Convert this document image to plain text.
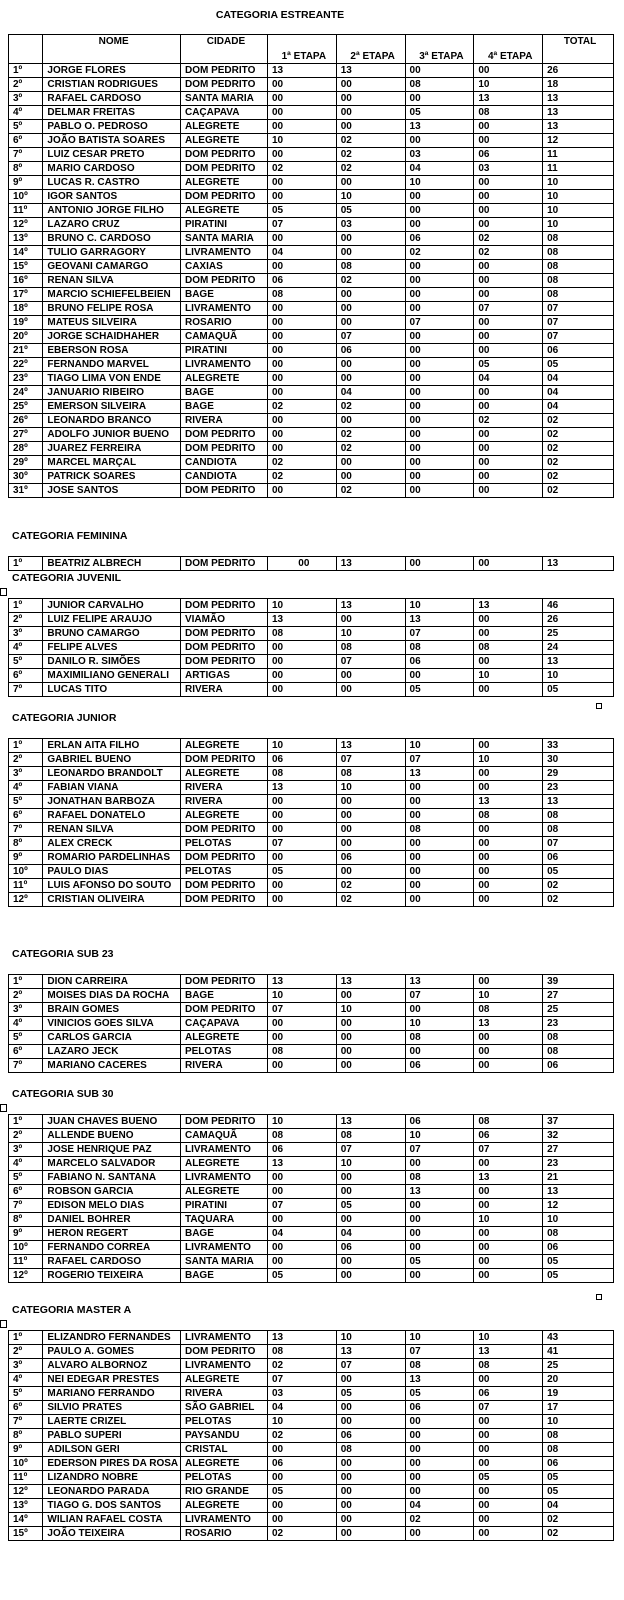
CATEGORIA ESTREANTE
	NOME	CIDADE	1ª ETAPA	2ª ETAPA	3ª ETAPA	4ª ETAPA	TOTAL
1º	JORGE FLORES	DOM PEDRITO	13	13	00	00	26
2º	CRISTIAN RODRIGUES	DOM PEDRITO	00	00	08	10	18
3º	RAFAEL CARDOSO	SANTA MARIA	00	00	00	13	13
4º	DELMAR FREITAS	CAÇAPAVA	00	00	05	08	13
5º	PABLO O. PEDROSO	ALEGRETE	00	00	13	00	13
6º	JOÃO BATISTA SOARES	ALEGRETE	10	02	00	00	12
7º	LUIZ CESAR PRETO	DOM PEDRITO	00	02	03	06	11
8º	MARIO CARDOSO	DOM PEDRITO	02	02	04	03	11
9º	LUCAS R. CASTRO	ALEGRETE	00	00	10	00	10
10º	IGOR SANTOS	DOM PEDRITO	00	10	00	00	10
11º	ANTONIO JORGE FILHO	ALEGRETE	05	05	00	00	10
12º	LAZARO CRUZ	PIRATINI	07	03	00	00	10
13º	BRUNO C. CARDOSO	SANTA MARIA	00	00	06	02	08
14º	TULIO GARRAGORY	LIVRAMENTO	04	00	02	02	08
15º	GEOVANI CAMARGO	CAXIAS	00	08	00	00	08
16º	RENAN SILVA	DOM PEDRITO	06	02	00	00	08
17º	MARCIO SCHIEFELBEIEN	BAGE	08	00	00	00	08
18º	BRUNO FELIPE ROSA	LIVRAMENTO	00	00	00	07	07
19º	MATEUS SILVEIRA	ROSARIO	00	00	07	00	07
20º	JORGE SCHAIDHAHER	CAMAQUÃ	00	07	00	00	07
21º	EBERSON ROSA	PIRATINI	00	06	00	00	06
22º	FERNANDO MARVEL	LIVRAMENTO	00	00	00	05	05
23º	TIAGO LIMA VON ENDE	ALEGRETE	00	00	00	04	04
24º	JANUARIO RIBEIRO	BAGE	00	04	00	00	04
25º	EMERSON SILVEIRA	BAGE	02	02	00	00	04
26º	LEONARDO BRANCO	RIVERA	00	00	00	02	02
27º	ADOLFO JUNIOR BUENO	DOM PEDRITO	00	02	00	00	02
28º	JUAREZ FERREIRA	DOM PEDRITO	00	02	00	00	02
29º	MARCEL MARÇAL	CANDIOTA	02	00	00	00	02
30º	PATRICK SOARES	CANDIOTA	02	00	00	00	02
31º	JOSE SANTOS	DOM PEDRITO	00	02	00	00	02
CATEGORIA FEMININA
1º	BEATRIZ ALBRECH	DOM PEDRITO	00	13	00	00	13
CATEGORIA JUVENIL
1º	JUNIOR CARVALHO	DOM PEDRITO	10	13	10	13	46
2º	LUIZ FELIPE ARAUJO	VIAMÃO	13	00	13	00	26
3º	BRUNO CAMARGO	DOM PEDRITO	08	10	07	00	25
4º	FELIPE ALVES	DOM PEDRITO	00	08	08	08	24
5º	DANILO R. SIMÕES	DOM PEDRITO	00	07	06	00	13
6º	MAXIMILIANO GENERALI	ARTIGAS	00	00	00	10	10
7º	LUCAS TITO	RIVERA	00	00	05	00	05
CATEGORIA JUNIOR
1º	ERLAN AITA FILHO	ALEGRETE	10	13	10	00	33
2º	GABRIEL BUENO	DOM PEDRITO	06	07	07	10	30
3º	LEONARDO BRANDOLT	ALEGRETE	08	08	13	00	29
4º	FABIAN VIANA	RIVERA	13	10	00	00	23
5º	JONATHAN BARBOZA	RIVERA	00	00	00	13	13
6º	RAFAEL DONATELO	ALEGRETE	00	00	00	08	08
7º	RENAN SILVA	DOM PEDRITO	00	00	08	00	08
8º	ALEX CRECK	PELOTAS	07	00	00	00	07
9º	ROMARIO PARDELINHAS	DOM PEDRITO	00	06	00	00	06
10º	PAULO DIAS	PELOTAS	05	00	00	00	05
11º	LUIS AFONSO DO SOUTO	DOM PEDRITO	00	02	00	00	02
12º	CRISTIAN OLIVEIRA	DOM PEDRITO	00	02	00	00	02
CATEGORIA SUB 23
1º	DION CARREIRA	DOM PEDRITO	13	13	13	00	39
2º	MOISES DIAS DA ROCHA	BAGE	10	00	07	10	27
3º	BRAIN GOMES	DOM PEDRITO	07	10	00	08	25
4º	VINICIOS GOES SILVA	CAÇAPAVA	00	00	10	13	23
5º	CARLOS GARCIA	ALEGRETE	00	00	08	00	08
6º	LAZARO JECK	PELOTAS	08	00	00	00	08
7º	MARIANO CACERES	RIVERA	00	00	06	00	06
CATEGORIA SUB 30
1º	JUAN CHAVES BUENO	DOM PEDRITO	10	13	06	08	37
2º	ALLENDE BUENO	CAMAQUÃ	08	08	10	06	32
3º	JOSE HENRIQUE PAZ	LIVRAMENTO	06	07	07	07	27
4º	MARCELO SALVADOR	ALEGRETE	13	10	00	00	23
5º	FABIANO N. SANTANA	LIVRAMENTO	00	00	08	13	21
6º	ROBSON GARCIA	ALEGRETE	00	00	13	00	13
7º	EDISON MELO DIAS	PIRATINI	07	05	00	00	12
8º	DANIEL BOHRER	TAQUARA	00	00	00	10	10
9º	HERON REGERT	BAGE	04	04	00	00	08
10º	FERNANDO CORREA	LIVRAMENTO	00	06	00	00	06
11º	RAFAEL CARDOSO	SANTA MARIA	00	00	05	00	05
12º	ROGERIO TEIXEIRA	BAGE	05	00	00	00	05
CATEGORIA MASTER A
1º	ELIZANDRO FERNANDES	LIVRAMENTO	13	10	10	10	43
2º	PAULO A. GOMES	DOM PEDRITO	08	13	07	13	41
3º	ALVARO ALBORNOZ	LIVRAMENTO	02	07	08	08	25
4º	NEI EDEGAR PRESTES	ALEGRETE	07	00	13	00	20
5º	MARIANO FERRANDO	RIVERA	03	05	05	06	19
6º	SILVIO PRATES	SÃO GABRIEL	04	00	06	07	17
7º	LAERTE CRIZEL	PELOTAS	10	00	00	00	10
8º	PABLO SUPERI	PAYSANDU	02	06	00	00	08
9º	ADILSON GERI	CRISTAL	00	08	00	00	08
10º	EDERSON PIRES DA ROSA	ALEGRETE	06	00	00	00	06
11º	LIZANDRO NOBRE	PELOTAS	00	00	00	05	05
12º	LEONARDO PARADA	RIO GRANDE	05	00	00	00	05
13º	TIAGO G. DOS SANTOS	ALEGRETE	00	00	04	00	04
14º	WILIAN RAFAEL COSTA	LIVRAMENTO	00	00	02	00	02
15º	JOÃO TEIXEIRA	ROSARIO	02	00	00	00	02
